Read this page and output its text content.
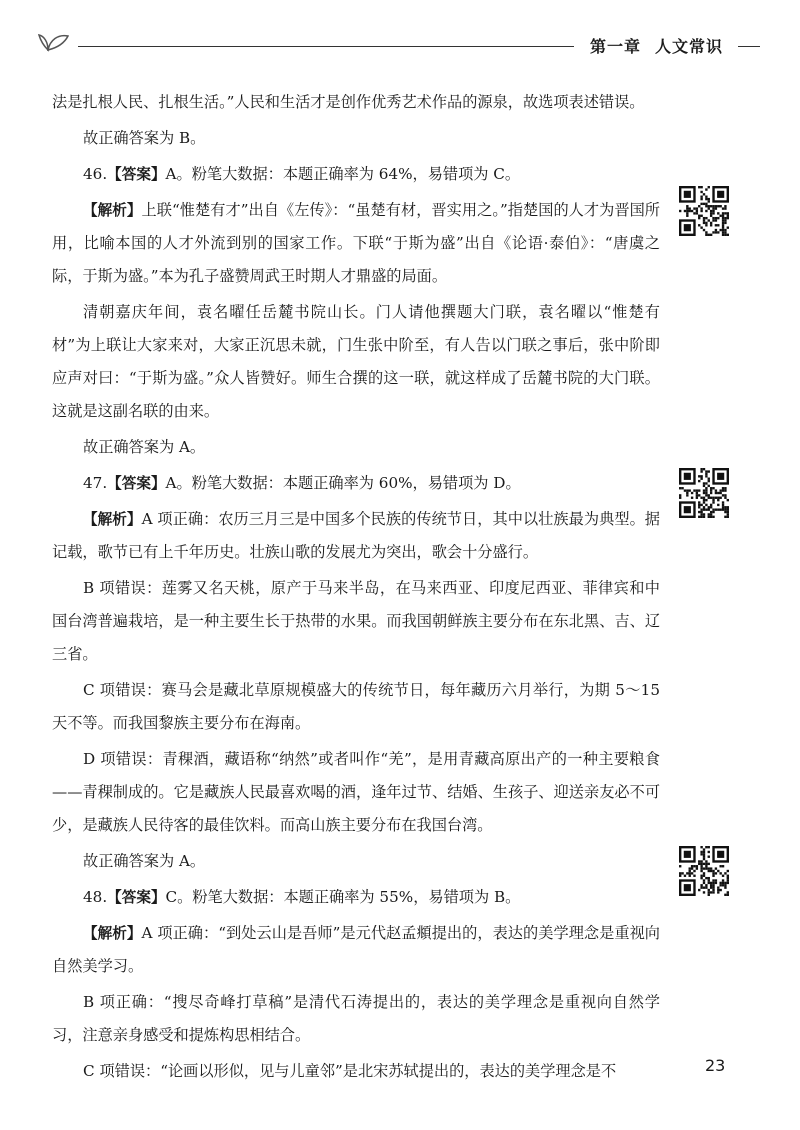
第一章 人文常识

法是扎根人民、扎根生活。”人民和生活才是创作优秀艺术作品的源泉，故选项表述错误。

故正确答案为 B。

46.【答案】A。粉笔大数据：本题正确率为 64%，易错项为 C。

【解析】上联“惟楚有才”出自《左传》：“虽楚有材，晋实用之。”指楚国的人才为晋国所用，比喻本国的人才外流到别的国家工作。下联“于斯为盛”出自《论语·泰伯》：“唐虞之际，于斯为盛。”本为孔子盛赞周武王时期人才鼎盛的局面。

清朝嘉庆年间，袁名曜任岳麓书院山长。门人请他撰题大门联，袁名曜以“惟楚有材”为上联让大家来对，大家正沉思未就，门生张中阶至，有人告以门联之事后，张中阶即应声对曰：“于斯为盛。”众人皆赞好。师生合撰的这一联，就这样成了岳麓书院的大门联。这就是这副名联的由来。

故正确答案为 A。

47.【答案】A。粉笔大数据：本题正确率为 60%，易错项为 D。

【解析】A 项正确：农历三月三是中国多个民族的传统节日，其中以壮族最为典型。据记载，歌节已有上千年历史。壮族山歌的发展尤为突出，歌会十分盛行。

B 项错误：莲雾又名天桃，原产于马来半岛，在马来西亚、印度尼西亚、菲律宾和中国台湾普遍栽培，是一种主要生长于热带的水果。而我国朝鲜族主要分布在东北黑、吉、辽三省。

C 项错误：赛马会是藏北草原规模盛大的传统节日，每年藏历六月举行，为期 5～15 天不等。而我国黎族主要分布在海南。

D 项错误：青稞酒，藏语称“纳然”或者叫作“羌”，是用青藏高原出产的一种主要粮食——青稞制成的。它是藏族人民最喜欢喝的酒，逢年过节、结婚、生孩子、迎送亲友必不可少，是藏族人民待客的最佳饮料。而高山族主要分布在我国台湾。

故正确答案为 A。

48.【答案】C。粉笔大数据：本题正确率为 55%，易错项为 B。

【解析】A 项正确：“到处云山是吾师”是元代赵孟頫提出的，表达的美学理念是重视向自然美学习。

B 项正确：“搜尽奇峰打草稿”是清代石涛提出的，表达的美学理念是重视向自然学习，注意亲身感受和提炼构思相结合。

C 项错误：“论画以形似，见与儿童邻”是北宋苏轼提出的，表达的美学理念是不	23
